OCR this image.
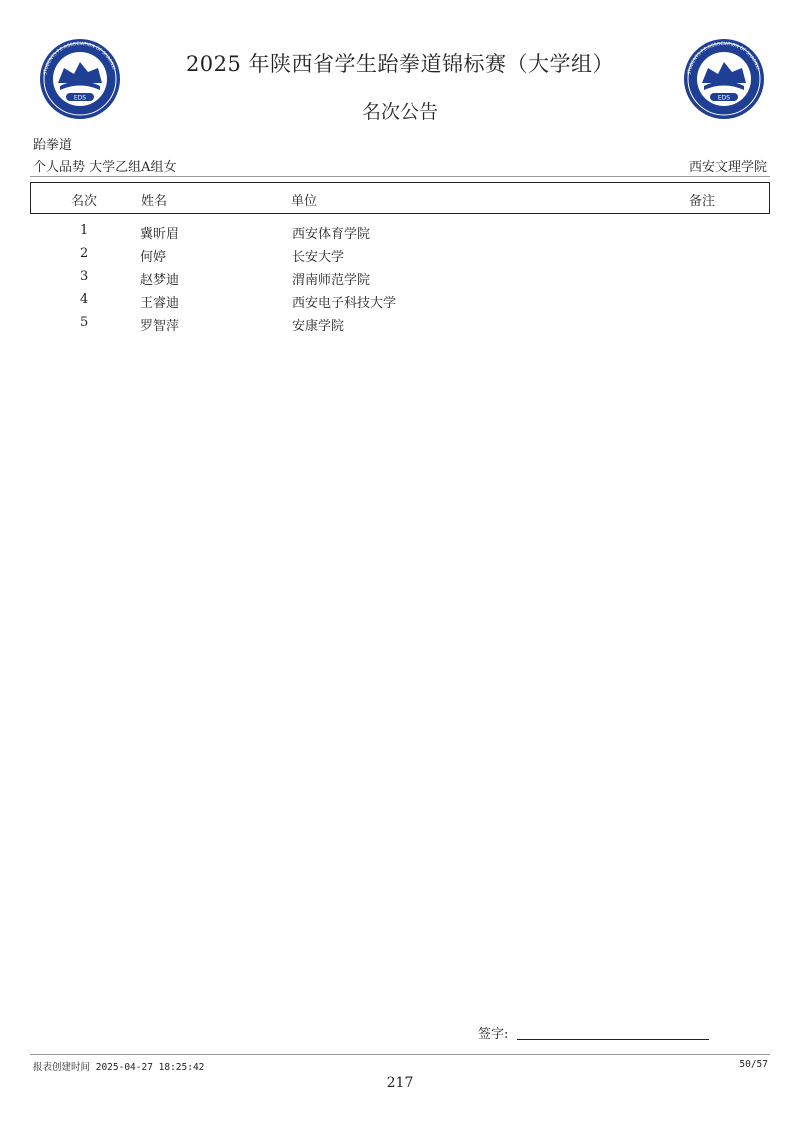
EDS
STUDENTS P.E.ASSOCIATION OF SHAANXI
EDS
STUDENTS P.E.ASSOCIATION OF SHAANXI
2025 年陕西省学生跆拳道锦标赛（大学组）
名次公告
跆拳道
个人品势 大学乙组A组女	西安文理学院
名次	姓名	单位	备注
1	冀昕眉	西安体育学院
2	何婷	长安大学
3	赵梦迪	渭南师范学院
4	王睿迪	西安电子科技大学
5	罗智萍	安康学院
签字:
报表创建时间 2025-04-27 18:25:42	50/57
217
